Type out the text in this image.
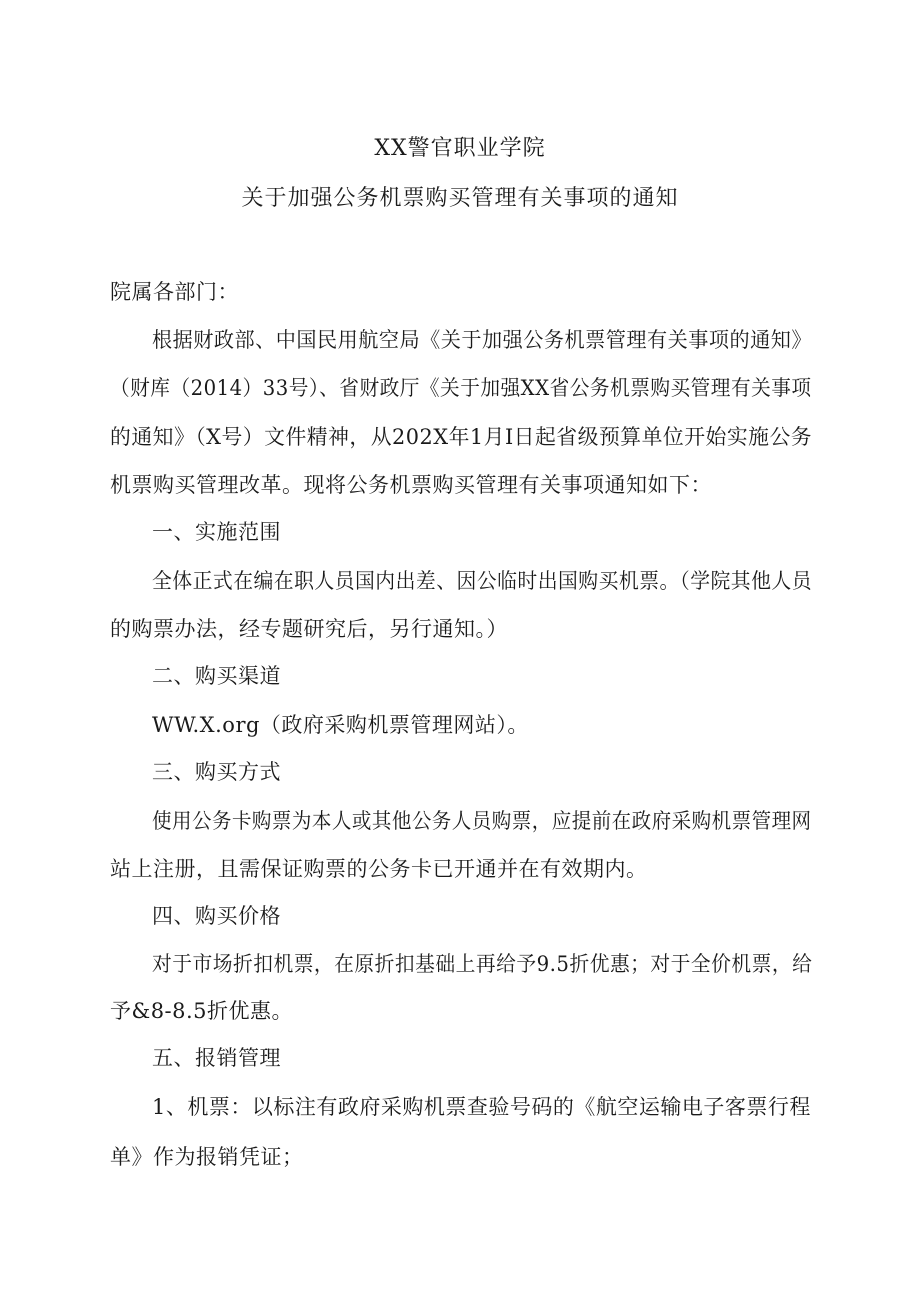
XX警官职业学院
关于加强公务机票购买管理有关事项的通知
院属各部门：
根据财政部、中国民用航空局《关于加强公务机票管理有关事项的通知》
（财库（2014）33号）、省财政厅《关于加强XX省公务机票购买管理有关事项
的通知》（X号）文件精神，从202X年1月I日起省级预算单位开始实施公务
机票购买管理改革。现将公务机票购买管理有关事项通知如下：
一、实施范围
全体正式在编在职人员国内出差、因公临时出国购买机票。（学院其他人员
的购票办法，经专题研究后，另行通知。）
二、购买渠道
WW.X.org（政府采购机票管理网站）。
三、购买方式
使用公务卡购票为本人或其他公务人员购票，应提前在政府采购机票管理网
站上注册，且需保证购票的公务卡已开通并在有效期内。
四、购买价格
对于市场折扣机票，在原折扣基础上再给予9.5折优惠；对于全价机票，给
予&8-8.5折优惠。
五、报销管理
1、机票：以标注有政府采购机票查验号码的《航空运输电子客票行程
单》作为报销凭证；
